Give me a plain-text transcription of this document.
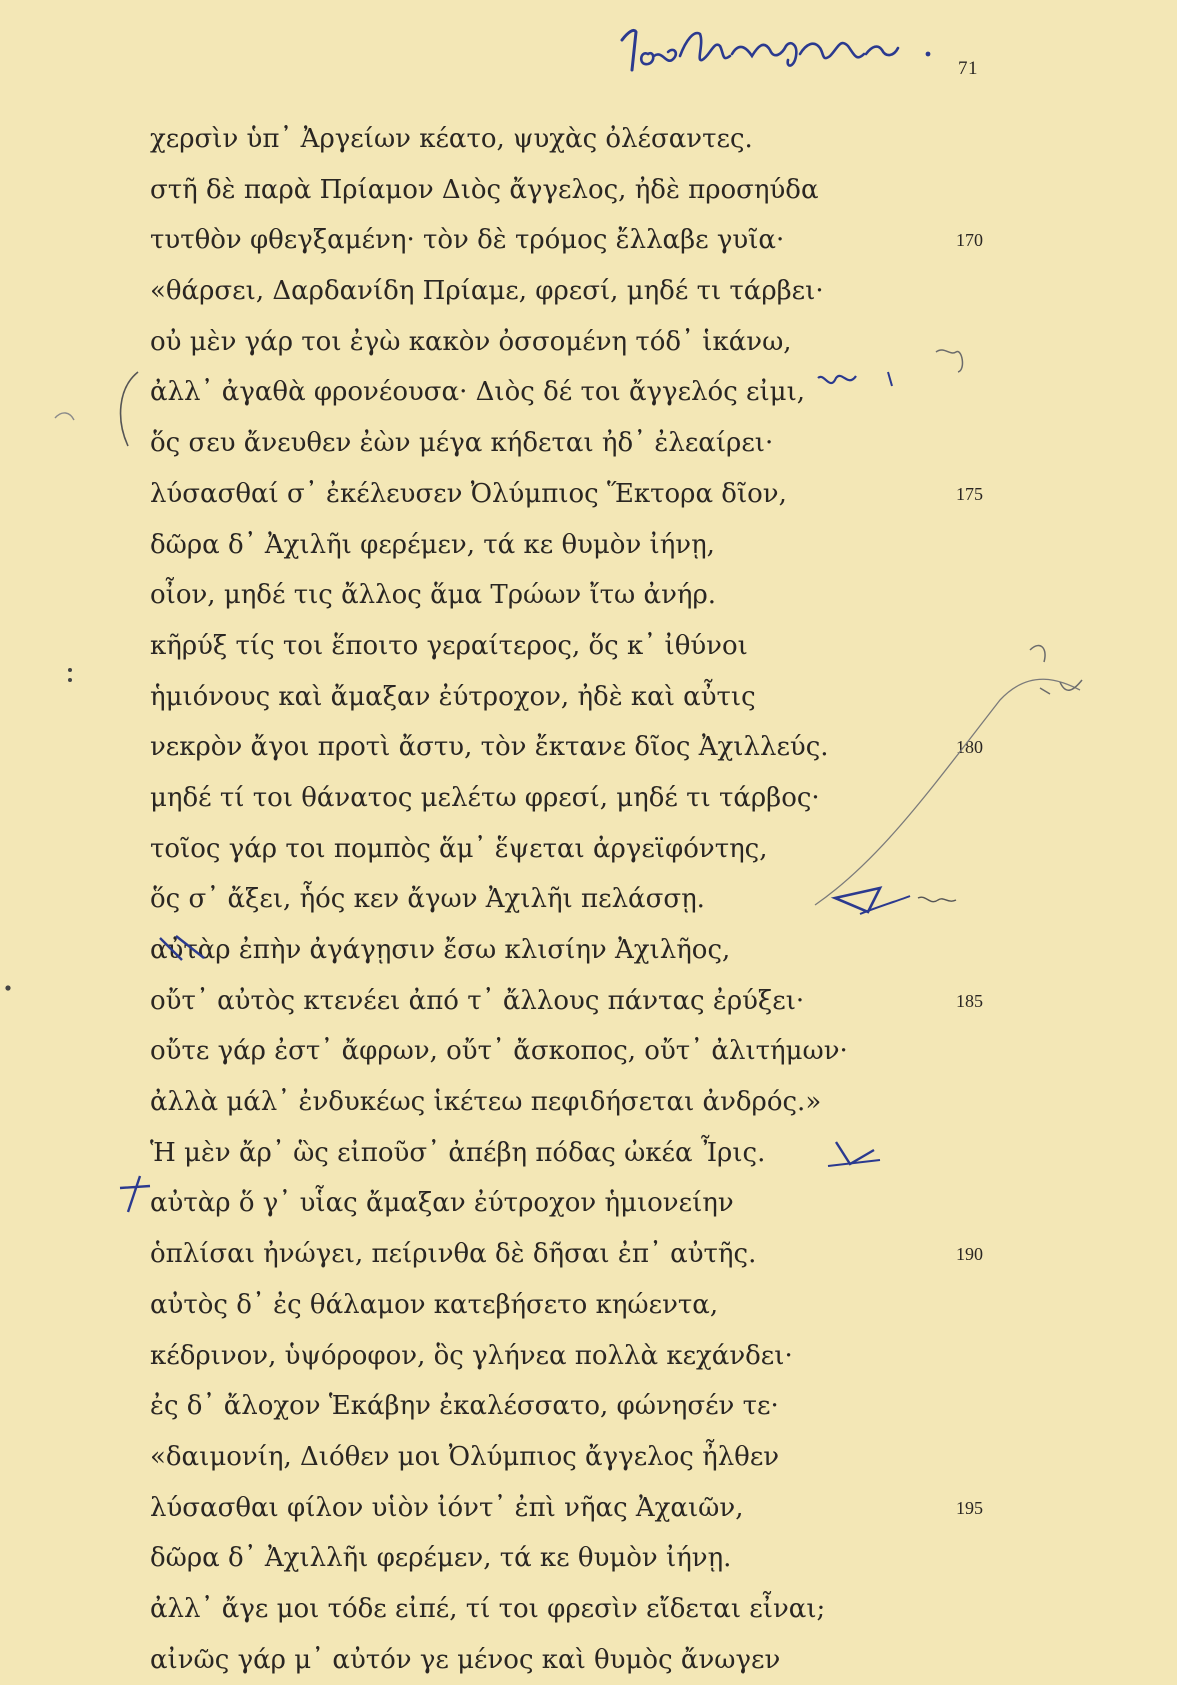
71
χερσὶν ὑπ᾽ Ἀργείων κέατο, ψυχὰς ὀλέσαντες.
στῆ δὲ παρὰ Πρίαμον Διὸς ἄγγελος, ἠδὲ προσηύδα
τυτθὸν φθεγξαμένη· τὸν δὲ τρόμος ἔλλαβε γυῖα·	170
«θάρσει, Δαρδανίδη Πρίαμε, φρεσί, μηδέ τι τάρβει·
οὐ μὲν γάρ τοι ἐγὼ κακὸν ὀσσομένη τόδ᾽ ἱκάνω,
ἀλλ᾽ ἀγαθὰ φρονέουσα· Διὸς δέ τοι ἄγγελός εἰμι,
ὅς σευ ἄνευθεν ἐὼν μέγα κήδεται ἠδ᾽ ἐλεαίρει·
λύσασθαί σ᾽ ἐκέλευσεν Ὀλύμπιος Ἕκτορα δῖον,	175
δῶρα δ᾽ Ἀχιλῆι φερέμεν, τά κε θυμὸν ἰήνῃ,
οἶον, μηδέ τις ἄλλος ἅμα Τρώων ἴτω ἀνήρ.
κῆρύξ τίς τοι ἕποιτο γεραίτερος, ὅς κ᾽ ἰθύνοι
ἡμιόνους καὶ ἄμαξαν ἐύτροχον, ἠδὲ καὶ αὖτις
νεκρὸν ἄγοι προτὶ ἄστυ, τὸν ἔκτανε δῖος Ἀχιλλεύς.	180
μηδέ τί τοι θάνατος μελέτω φρεσί, μηδέ τι τάρβος·
τοῖος γάρ τοι πομπὸς ἅμ᾽ ἕψεται ἀργεϊφόντης,
ὅς σ᾽ ἄξει, ἧός κεν ἄγων Ἀχιλῆι πελάσσῃ.
αὐτὰρ ἐπὴν ἀγάγῃσιν ἔσω κλισίην Ἀχιλῆος,
οὔτ᾽ αὐτὸς κτενέει ἀπό τ᾽ ἄλλους πάντας ἐρύξει·	185
οὔτε γάρ ἐστ᾽ ἄφρων, οὔτ᾽ ἄσκοπος, οὔτ᾽ ἀλιτήμων·
ἀλλὰ μάλ᾽ ἐνδυκέως ἱκέτεω πεφιδήσεται ἀνδρός.»
Ἡ μὲν ἄρ᾽ ὣς εἰποῦσ᾽ ἀπέβη πόδας ὠκέα Ἶρις.
αὐτὰρ ὅ γ᾽ υἷας ἄμαξαν ἐύτροχον ἡμιονείην
ὁπλίσαι ἠνώγει, πείρινθα δὲ δῆσαι ἐπ᾽ αὐτῆς.	190
αὐτὸς δ᾽ ἐς θάλαμον κατεβήσετο κηώεντα,
κέδρινον, ὑψόροφον, ὃς γλήνεα πολλὰ κεχάνδει·
ἐς δ᾽ ἄλοχον Ἑκάβην ἐκαλέσσατο, φώνησέν τε·
«δαιμονίη, Διόθεν μοι Ὀλύμπιος ἄγγελος ἦλθεν
λύσασθαι φίλον υἱὸν ἰόντ᾽ ἐπὶ νῆας Ἀχαιῶν,	195
δῶρα δ᾽ Ἀχιλλῆι φερέμεν, τά κε θυμὸν ἰήνῃ.
ἀλλ᾽ ἄγε μοι τόδε εἰπέ, τί τοι φρεσὶν εἴδεται εἶναι;
αἰνῶς γάρ μ᾽ αὐτόν γε μένος καὶ θυμὸς ἄνωγεν
